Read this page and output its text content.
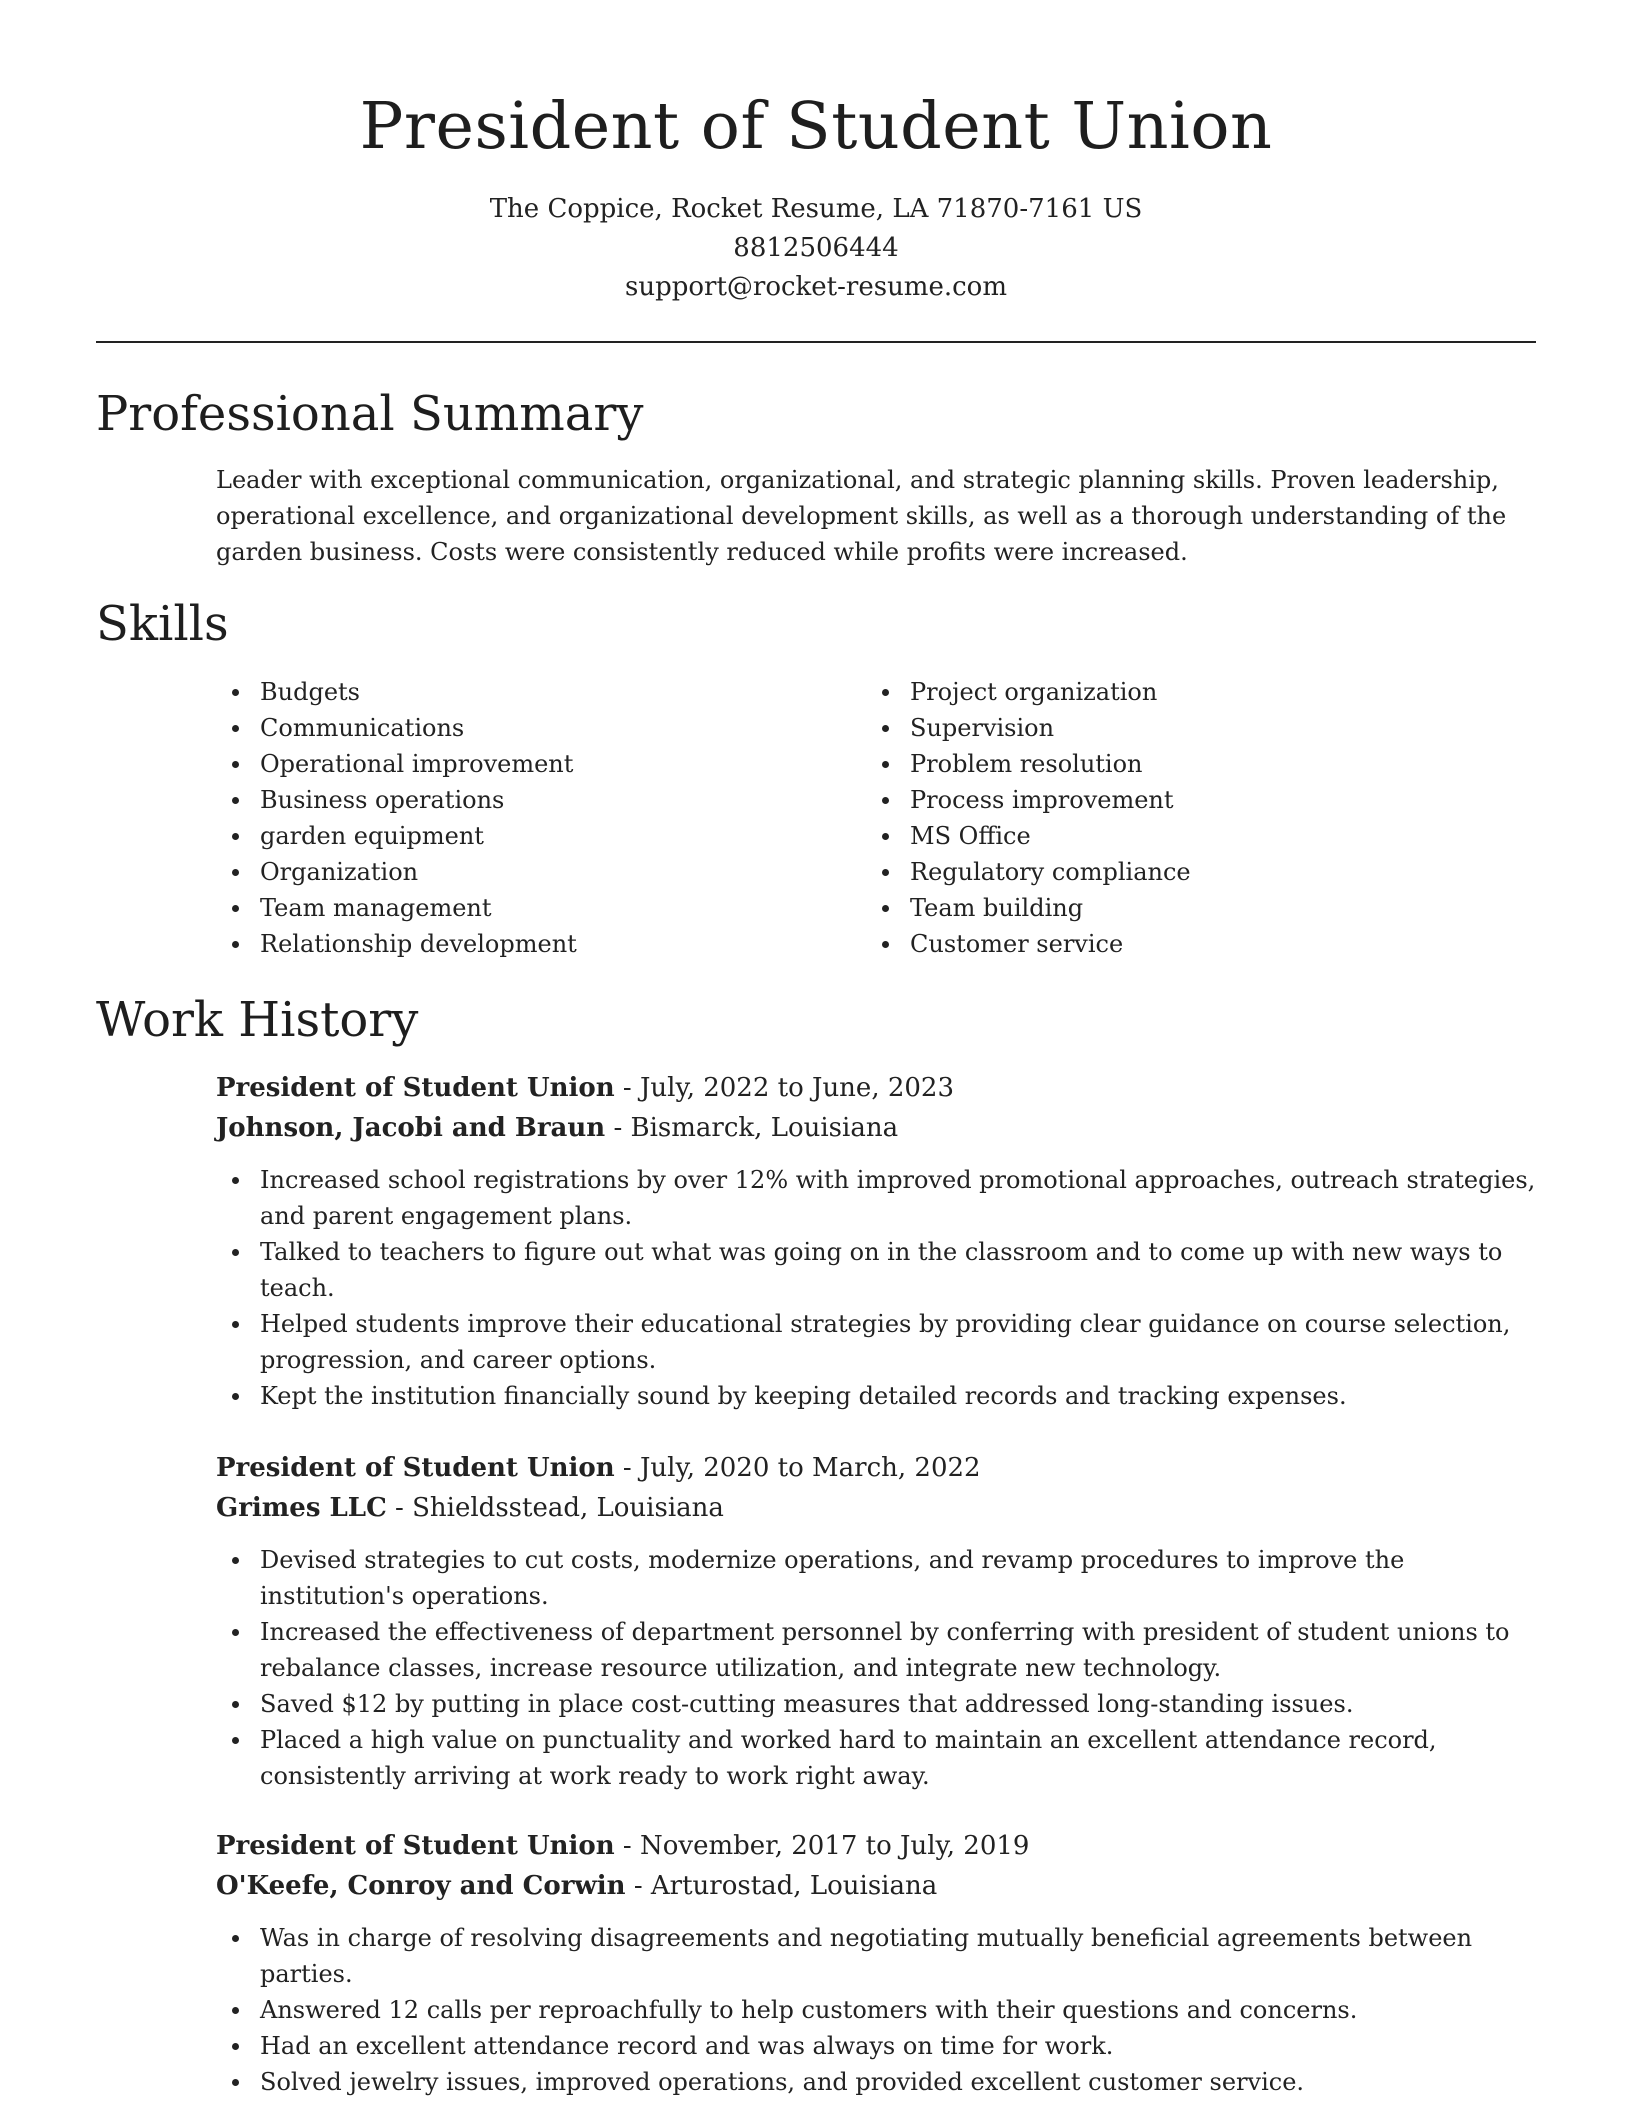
President of Student Union
The Coppice, Rocket Resume, LA 71870-7161 US
8812506444
support@rocket-resume.com
Professional Summary

Leader with exceptional communication, organizational, and strategic planning skills. Proven leadership, operational excellence, and organizational development skills, as well as a thorough understanding of the garden business. Costs were consistently reduced while profits were increased.

Skills
Budgets
Communications
Operational improvement
Business operations
garden equipment
Organization
Team management
Relationship development
Project organization
Supervision
Problem resolution
Process improvement
MS Office
Regulatory compliance
Team building
Customer service
Work History

President of Student Union - July, 2022 to June, 2023

Johnson, Jacobi and Braun - Bismarck, Louisiana

Increased school registrations by over 12% with improved promotional approaches, outreach strategies, and parent engagement plans.
Talked to teachers to figure out what was going on in the classroom and to come up with new ways to teach.
Helped students improve their educational strategies by providing clear guidance on course selection, progression, and career options.
Kept the institution financially sound by keeping detailed records and tracking expenses.

President of Student Union - July, 2020 to March, 2022

Grimes LLC - Shieldsstead, Louisiana

Devised strategies to cut costs, modernize operations, and revamp procedures to improve the institution's operations.
Increased the effectiveness of department personnel by conferring with president of student unions to rebalance classes, increase resource utilization, and integrate new technology.
Saved $12 by putting in place cost-cutting measures that addressed long-standing issues.
Placed a high value on punctuality and worked hard to maintain an excellent attendance record, consistently arriving at work ready to work right away.

President of Student Union - November, 2017 to July, 2019

O'Keefe, Conroy and Corwin - Arturostad, Louisiana

Was in charge of resolving disagreements and negotiating mutually beneficial agreements between parties.
Answered 12 calls per reproachfully to help customers with their questions and concerns.
Had an excellent attendance record and was always on time for work.
Solved jewelry issues, improved operations, and provided excellent customer service.
